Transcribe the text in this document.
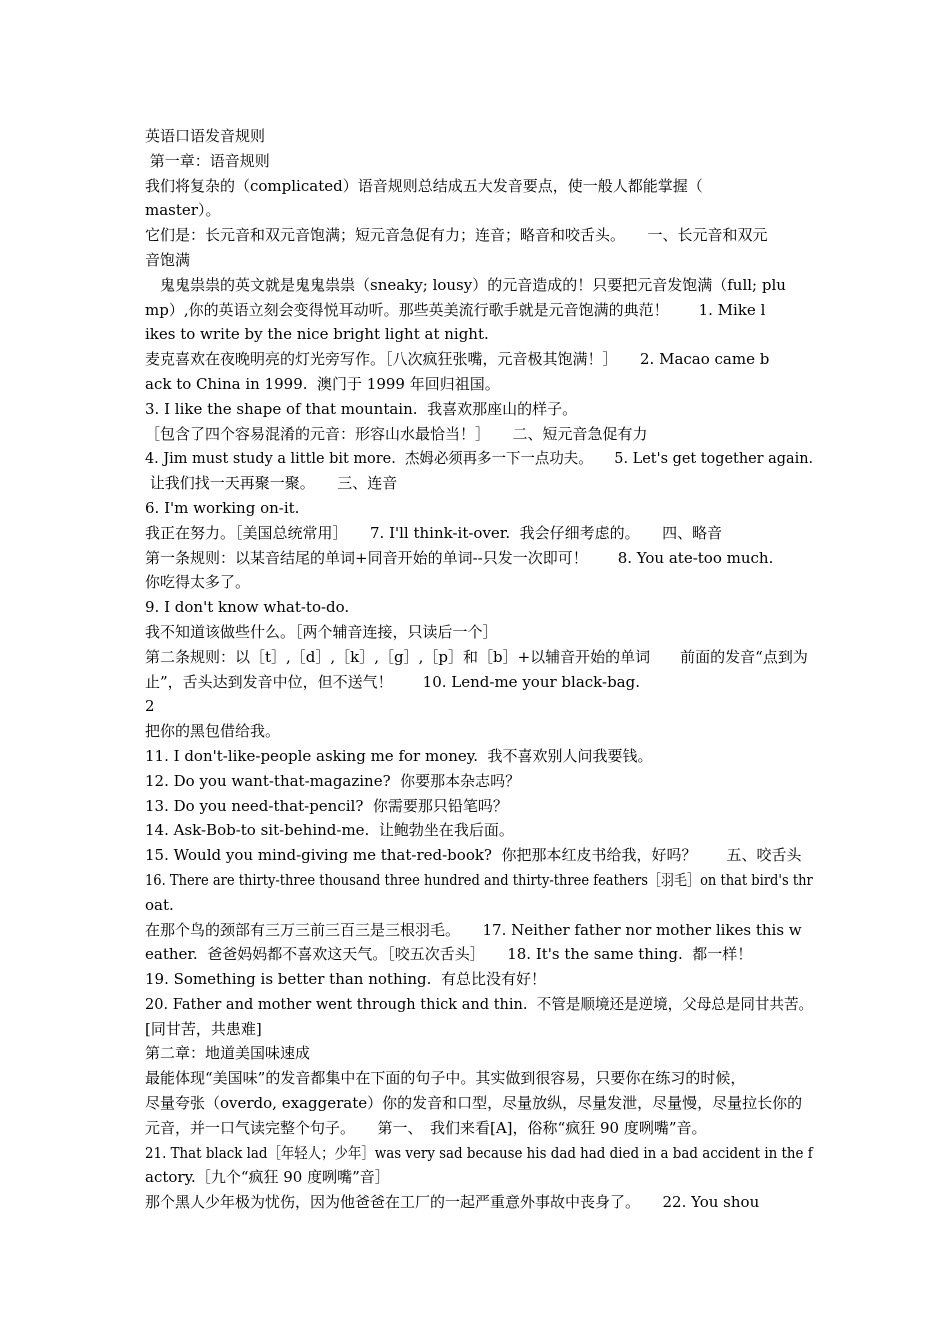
英语口语发音规则
第一章：语音规则
我们将复杂的（complicated）语音规则总结成五大发音要点，使一般人都能掌握（
master）。
它们是：长元音和双元音饱满；短元音急促有力；连音；略音和咬舌头。　　一、长元音和双元
音饱满
　鬼鬼祟祟的英文就是鬼鬼祟祟（sneaky; lousy）的元音造成的！只要把元音发饱满（full; plu
mp）,你的英语立刻会变得悦耳动听。那些英美流行歌手就是元音饱满的典范！　　1. Mike l
ikes to write by the nice bright light at night.
麦克喜欢在夜晚明亮的灯光旁写作。［八次疯狂张嘴，元音极其饱满！］　　2. Macao came b
ack to China in 1999.  澳门于 1999 年回归祖国。
3. I like the shape of that mountain.  我喜欢那座山的样子。
［包含了四个容易混淆的元音：形容山水最恰当！］　　二、短元音急促有力
4. Jim must study a little bit more.  杰姆必须再多一下一点功夫。　　5. Let's get together again.
让我们找一天再聚一聚。　　三、连音
6. I'm working on-it.
我正在努力。［美国总统常用］　　7. I'll think-it-over.  我会仔细考虑的。　　四、略音
第一条规则：以某音结尾的单词+同音开始的单词--只发一次即可！　　8. You ate-too much.
你吃得太多了。
9. I don't know what-to-do.
我不知道该做些什么。［两个辅音连接，只读后一个］
第二条规则：以［t］,［d］,［k］,［g］,［p］和［b］+以辅音开始的单词　　前面的发音“点到为
止”，舌头达到发音中位，但不送气！　　10. Lend-me your black-bag.
2
把你的黑包借给我。
11. I don't-like-people asking me for money.  我不喜欢别人问我要钱。
12. Do you want-that-magazine?  你要那本杂志吗？
13. Do you need-that-pencil?  你需要那只铅笔吗？
14. Ask-Bob-to sit-behind-me.  让鲍勃坐在我后面。
15. Would you mind-giving me that-red-book?  你把那本红皮书给我，好吗？　　五、咬舌头
16. There are thirty-three thousand three hundred and thirty-three feathers［羽毛］on that bird's thr
oat.
在那个鸟的颈部有三万三前三百三是三根羽毛。　　17. Neither father nor mother likes this w
eather.  爸爸妈妈都不喜欢这天气。［咬五次舌头］　　18. It's the same thing.  都一样！
19. Something is better than nothing.  有总比没有好！
20. Father and mother went through thick and thin.  不管是顺境还是逆境，父母总是同甘共苦。
[同甘苦，共患难]
第二章：地道美国味速成
最能体现“美国味”的发音都集中在下面的句子中。其实做到很容易，只要你在练习的时候，
尽量夸张（overdo, exaggerate）你的发音和口型，尽量放纵，尽量发泄，尽量慢，尽量拉长你的
元音，并一口气读完整个句子。　　第一、　我们来看[A]，俗称“疯狂 90 度咧嘴”音。
21. That black lad［年轻人；少年］was very sad because his dad had died in a bad accident in the f
actory.［九个“疯狂 90 度咧嘴”音］
那个黑人少年极为忧伤，因为他爸爸在工厂的一起严重意外事故中丧身了。　　22. You shou
